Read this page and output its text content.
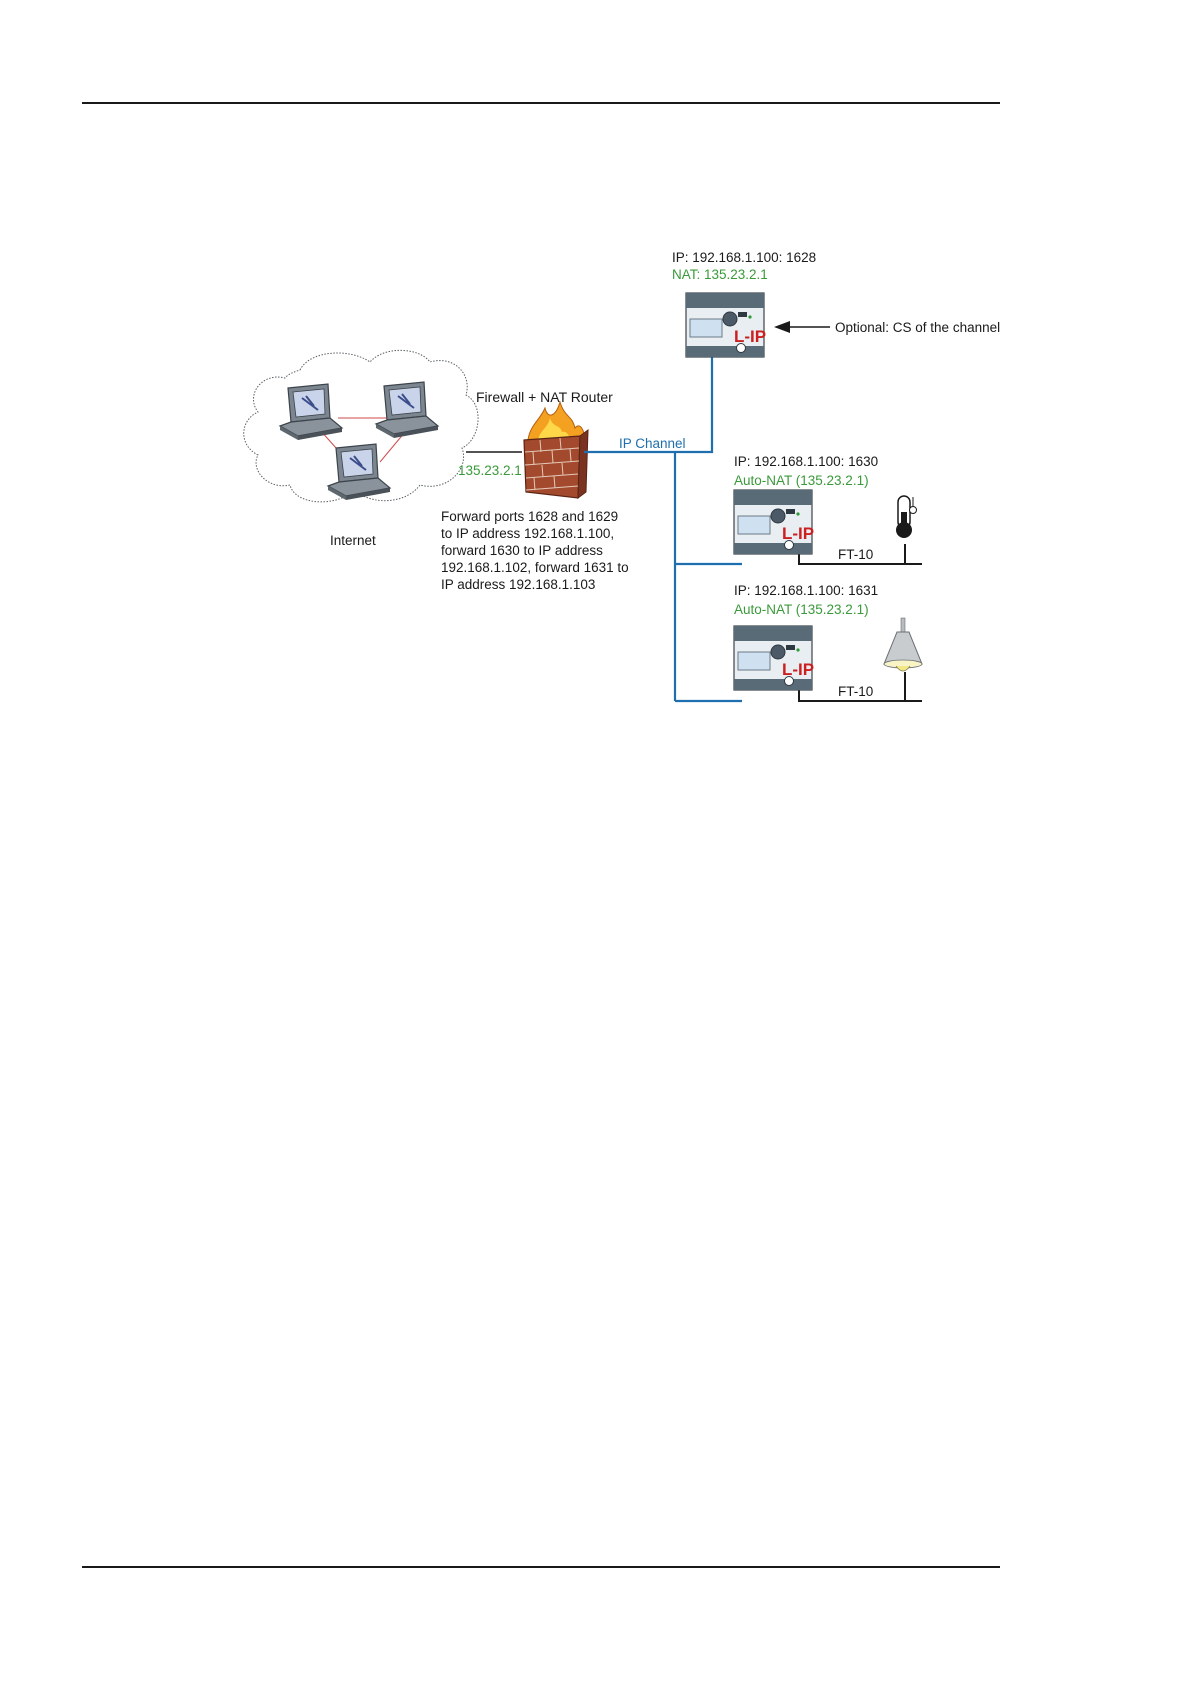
L-IP
L-IP
L-IP
IP: 192.168.1.100: 1628
NAT: 135.23.2.1
Optional: CS of the channel
Firewall + NAT Router
IP Channel
135.23.2.1
Internet
Forward ports 1628 and 1629
to IP address 192.168.1.100,
forward 1630 to IP address
192.168.1.102, forward 1631 to
IP address 192.168.1.103
IP: 192.168.1.100: 1630
Auto-NAT (135.23.2.1)
FT-10
IP: 192.168.1.100: 1631
Auto-NAT (135.23.2.1)
FT-10
